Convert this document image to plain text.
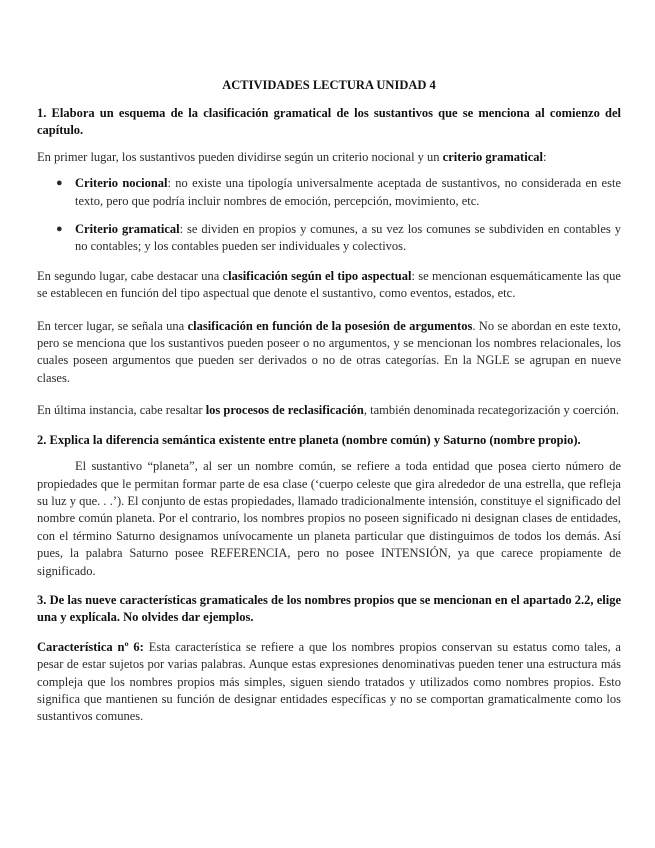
ACTIVIDADES LECTURA UNIDAD 4

1. Elabora un esquema de la clasificación gramatical de los sustantivos que se menciona al comienzo del capítulo.

En primer lugar, los sustantivos pueden dividirse según un criterio nocional y un criterio gramatical:

● Criterio nocional: no existe una tipología universalmente aceptada de sustantivos, no considerada en este texto, pero que podría incluir nombres de emoción, percepción, movimiento, etc.
● Criterio gramatical: se dividen en propios y comunes, a su vez los comunes se subdividen en contables y no contables; y los contables pueden ser individuales y colectivos.

En segundo lugar, cabe destacar una clasificación según el tipo aspectual: se mencionan esquemáticamente las que se establecen en función del tipo aspectual que denote el sustantivo, como eventos, estados, etc.

En tercer lugar, se señala una clasificación en función de la posesión de argumentos. No se abordan en este texto, pero se menciona que los sustantivos pueden poseer o no argumentos, y se mencionan los nombres relacionales, los cuales poseen argumentos que pueden ser derivados o no de otras categorías. En la NGLE se agrupan en nueve clases.

En última instancia, cabe resaltar los procesos de reclasificación, también denominada recategorización y coerción.

2. Explica la diferencia semántica existente entre planeta (nombre común) y Saturno (nombre propio).

El sustantivo “planeta”, al ser un nombre común, se refiere a toda entidad que posea cierto número de propiedades que le permitan formar parte de esa clase (‘cuerpo celeste que gira alrededor de una estrella, que refleja su luz y que. . .’). El conjunto de estas propiedades, llamado tradicionalmente intensión, constituye el significado del nombre común planeta. Por el contrario, los nombres propios no poseen significado ni designan clases de entidades, con el término Saturno designamos unívocamente un planeta particular que distinguimos de todos los demás. Así pues, la palabra Saturno posee REFERENCIA, pero no posee INTENSIÓN, ya que carece propiamente de significado.

3. De las nueve características gramaticales de los nombres propios que se mencionan en el apartado 2.2, elige una y explícala. No olvides dar ejemplos.

Característica nº 6: Esta característica se refiere a que los nombres propios conservan su estatus como tales, a pesar de estar sujetos por varias palabras. Aunque estas expresiones denominativas pueden tener una estructura más compleja que los nombres propios más simples, siguen siendo tratados y utilizados como nombres propios. Esto significa que mantienen su función de designar entidades específicas y no se comportan gramaticalmente como los sustantivos comunes.
